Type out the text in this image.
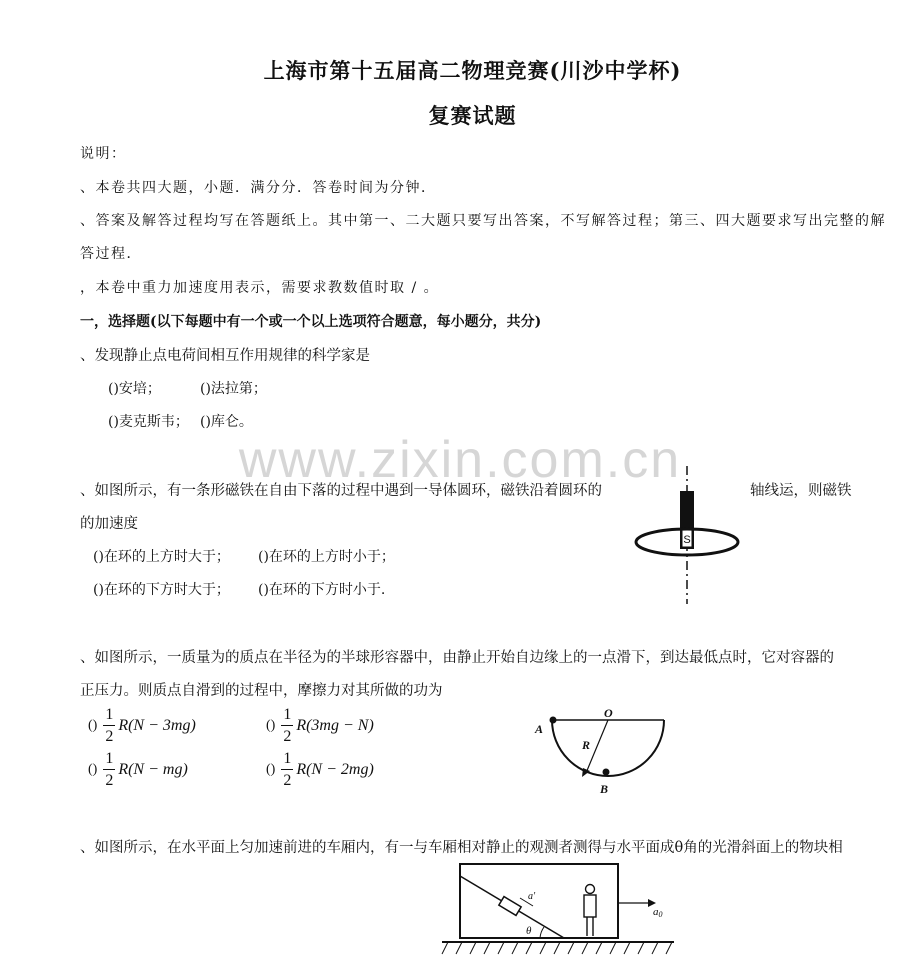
上海市第十五届高二物理竞赛(川沙中学杯)
复赛试题
说明：
、本卷共四大题，小题．满分分．答卷时间为分钟．
、答案及解答过程均写在答题纸上。其中第一、二大题只要写出答案，不写解答过程；第三、四大题要求写出完整的解
答过程．
，本卷中重力加速度用表示，需要求教数值时取 / 。
一，选择题(以下每题中有一个或一个以上选项符合题意，每小题分，共分)
、发现静止点电荷间相互作用规律的科学家是
()安培；	()法拉第；
()麦克斯韦； ()库仑。
www.zixin.com.cn
、如图所示，有一条形磁铁在自由下落的过程中遇到一导体圆环，磁铁沿着圆环的	轴线运，则磁铁
的加速度
()在环的上方时大于； ()在环的上方时小于；
()在环的下方时大于； ()在环的下方时小于.
S
、如图所示，一质量为的质点在半径为的半球形容器中，由静止开始自边缘上的一点滑下，到达最低点时，它对容器的
正压力。则质点自滑到的过程中，摩擦力对其所做的功为
() $\frac{1}{2} R(N - 3mg)$	() $\frac{1}{2} R(3mg - N)$
() $\frac{1}{2} R(N - mg)$	() $\frac{1}{2} R(N - 2mg)$
O
A
R
B
、如图所示，在水平面上匀加速前进的车厢内，有一与车厢相对静止的观测者测得与水平面成θ角的光滑斜面上的物块相
a'
θ
a0
